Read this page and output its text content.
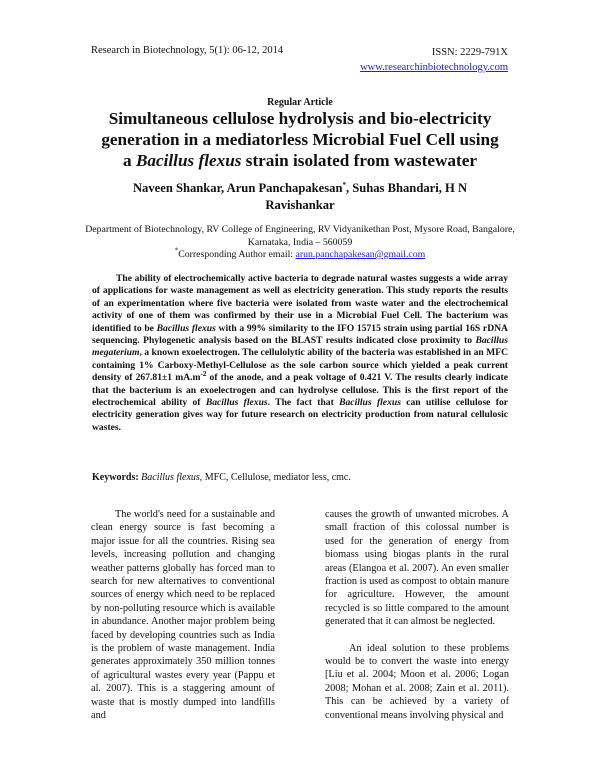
Research in Biotechnology, 5(1): 06-12, 2014	ISSN: 2229-791X
www.researchinbiotechnology.com
Regular Article
Simultaneous cellulose hydrolysis and bio-electricity
generation in a mediatorless Microbial Fuel Cell using
a Bacillus flexus strain isolated from wastewater
Naveen Shankar, Arun Panchapakesan*, Suhas Bhandari, H N Ravishankar
Department of Biotechnology, RV College of Engineering, RV Vidyanikethan Post, Mysore Road, Bangalore, Karnataka, India – 560059
*Corresponding Author email: arun.panchapakesan@gmail.com
The ability of electrochemically active bacteria to degrade natural wastes suggests a wide array of applications for waste management as well as electricity generation. This study reports the results of an experimentation where five bacteria were isolated from waste water and the electrochemical activity of one of them was confirmed by their use in a Microbial Fuel Cell. The bacterium was identified to be Bacillus flexus with a 99% similarity to the IFO 15715 strain using partial 16S rDNA sequencing. Phylogenetic analysis based on the BLAST results indicated close proximity to Bacillus megaterium, a known exoelectrogen. The cellulolytic ability of the bacteria was established in an MFC containing 1% Carboxy-Methyl-Cellulose as the sole carbon source which yielded a peak current density of 267.81±1 $mA.m^{-2}$ of the anode, and a peak voltage of 0.421 V. The results clearly indicate that the bacterium is an exoelectrogen and can hydrolyse cellulose. This is the first report of the electrochemical ability of Bacillus flexus. The fact that Bacillus flexus can utilise cellulose for electricity generation gives way for future research on electricity production from natural cellulosic wastes.
Keywords: Bacillus flexus, MFC, Cellulose, mediator less, cmc.

The world's need for a sustainable and clean energy source is fast becoming a major issue for all the countries. Rising sea levels, increasing pollution and changing weather patterns globally has forced man to search for new alternatives to conventional sources of energy which need to be replaced by non-polluting resource which is available in abundance. Another major problem being faced by developing countries such as India is the problem of waste management. India generates approximately 350 million tonnes of agricultural wastes every year (Pappu et al. 2007). This is a staggering amount of waste that is mostly dumped into landfills and

causes the growth of unwanted microbes. A small fraction of this colossal number is used for the generation of energy from biomass using biogas plants in the rural areas (Elangoa et al. 2007). An even smaller fraction is used as compost to obtain manure for agriculture. However, the amount recycled is so little compared to the amount generated that it can almost be neglected.

An ideal solution to these problems would be to convert the waste into energy [Liu et al. 2004; Moon et al. 2006; Logan 2008; Mohan et al. 2008; Zain et al. 2011). This can be achieved by a variety of conventional means involving physical and
